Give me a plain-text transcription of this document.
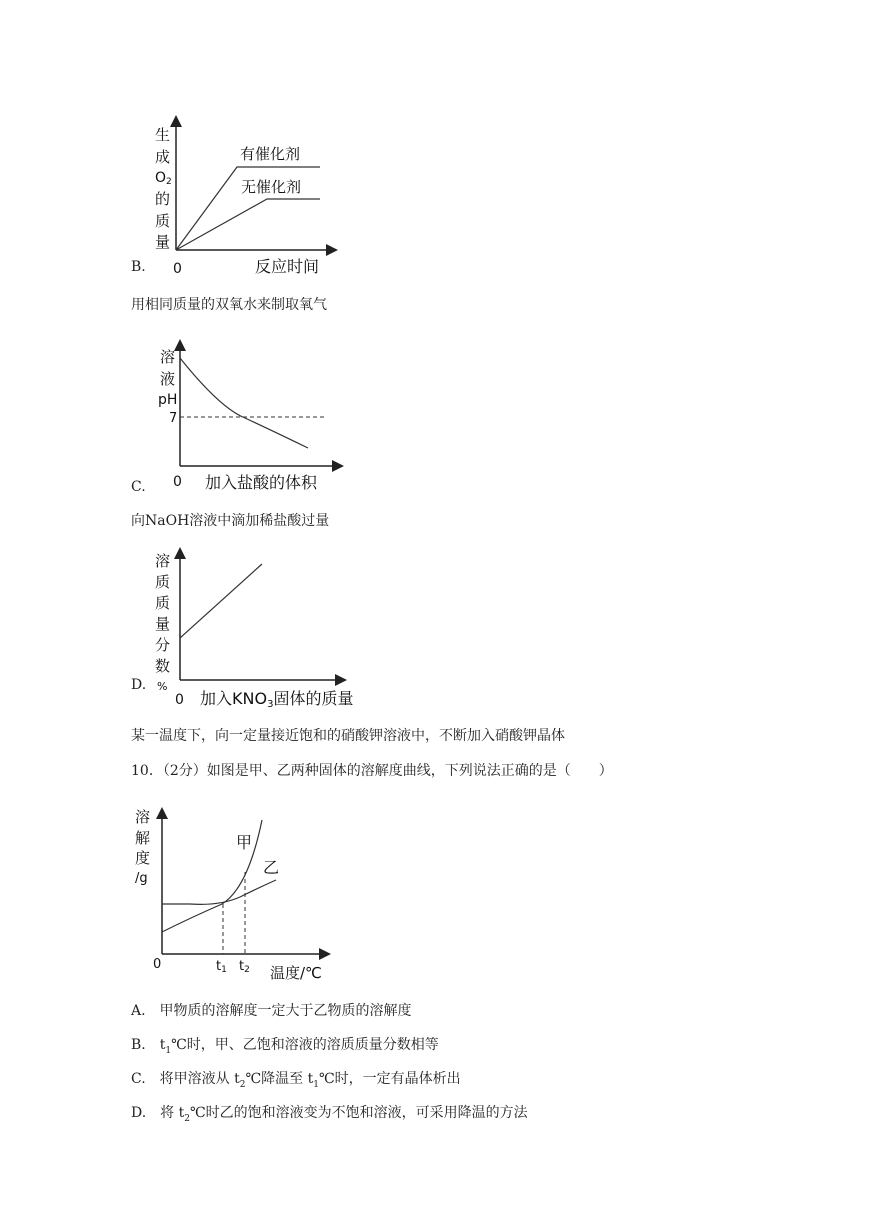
B.
生
成
O 2
的
质
量
有催化剂
无催化剂
0	反应时间
用相同质量的双氧水来制取氧气
C.
溶
液
pH
7
0 加入盐酸的体积
向NaOH溶液中滴加稀盐酸过量
溶
质
质
量
分
数
%
0 加入KNO3固体的质量
D.
某一温度下，向一定量接近饱和的硝酸钾溶液中，不断加入硝酸钾晶体
10．（2分）如图是甲、乙两种固体的溶解度曲线，下列说法正确的是（　　）
溶
解
度
/g
甲
乙
0	t1 t2 温度/℃
A.　甲物质的溶解度一定大于乙物质的溶解度
B.　$t_1℃$时，甲、乙饱和溶液的溶质质量分数相等
C.　将甲溶液从 $t_2℃$降温至 $t_1℃$时，一定有晶体析出
D.　将 $t_2℃$时乙的饱和溶液变为不饱和溶液，可采用降温的方法
